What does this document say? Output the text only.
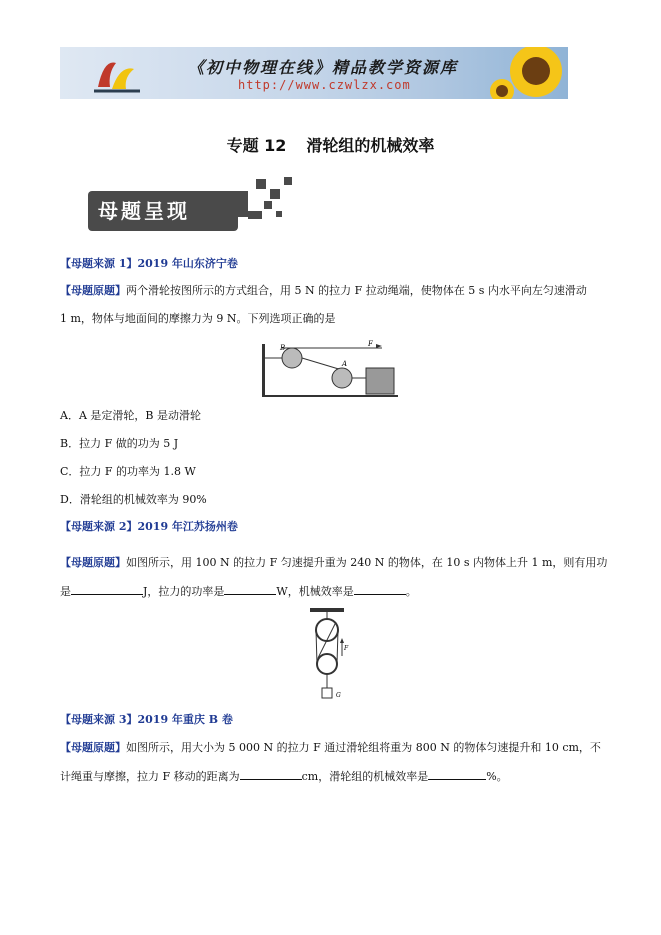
《初中物理在线》精品教学资源库
http://www.czwlzx.com
专题 12 滑轮组的机械效率
母题呈现
【母题来源 1】2019 年山东济宁卷
【母题原题】两个滑轮按图所示的方式组合，用 5 N 的拉力 F 拉动绳端，使物体在 5 s 内水平向左匀速滑动
1 m，物体与地面间的摩擦力为 9 N。下列选项正确的是
B
A
F
A．A 是定滑轮，B 是动滑轮
B．拉力 F 做的功为 5 J
C．拉力 F 的功率为 1.8 W
D．滑轮组的机械效率为 90%
【母题来源 2】2019 年江苏扬州卷
【母题原题】如图所示，用 100 N 的拉力 F 匀速提升重为 240 N 的物体，在 10 s 内物体上升 1 m，则有用功
是	J，拉力的功率是	W，机械效率是	。
F
G
【母题来源 3】2019 年重庆 B 卷
【母题原题】如图所示，用大小为 5 000 N 的拉力 F 通过滑轮组将重为 800 N 的物体匀速提升和 10 cm，不
计绳重与摩擦，拉力 F 移动的距离为	cm，滑轮组的机械效率是	%。
